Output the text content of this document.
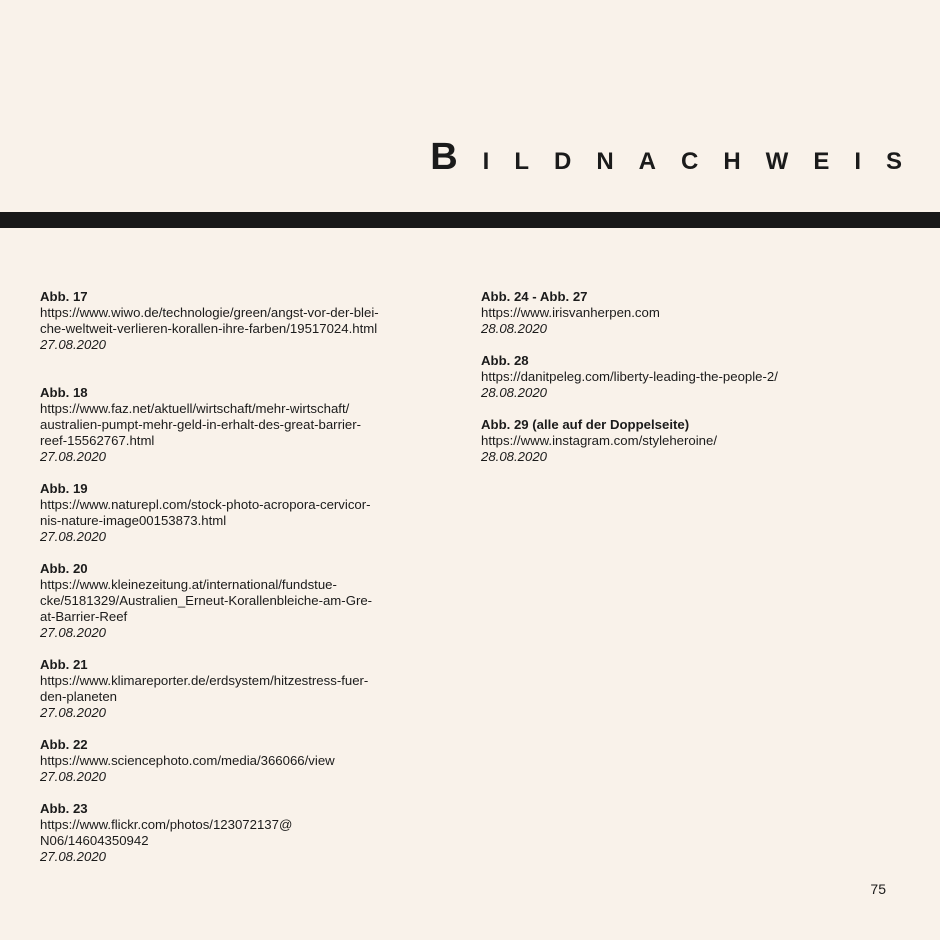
BILDNACHWEIS
Abb. 17
https://www.wiwo.de/technologie/green/angst-vor-der-blei-
che-weltweit-verlieren-korallen-ihre-farben/19517024.html
27.08.2020
Abb. 18
https://www.faz.net/aktuell/wirtschaft/mehr-wirtschaft/
australien-pumpt-mehr-geld-in-erhalt-des-great-barrier-
reef-15562767.html
27.08.2020
Abb. 19
https://www.naturepl.com/stock-photo-acropora-cervicor-
nis-nature-image00153873.html
27.08.2020
Abb. 20
https://www.kleinezeitung.at/international/fundstue-
cke/5181329/Australien_Erneut-Korallenbleiche-am-Gre-
at-Barrier-Reef
27.08.2020
Abb. 21
https://www.klimareporter.de/erdsystem/hitzestress-fuer-
den-planeten
27.08.2020
Abb. 22
https://www.sciencephoto.com/media/366066/view
27.08.2020
Abb. 23
https://www.flickr.com/photos/123072137@
N06/14604350942
27.08.2020
Abb. 24 - Abb. 27
https://www.irisvanherpen.com
28.08.2020
Abb. 28
https://danitpeleg.com/liberty-leading-the-people-2/
28.08.2020
Abb. 29 (alle auf der Doppelseite)
https://www.instagram.com/styleheroine/
28.08.2020
75
